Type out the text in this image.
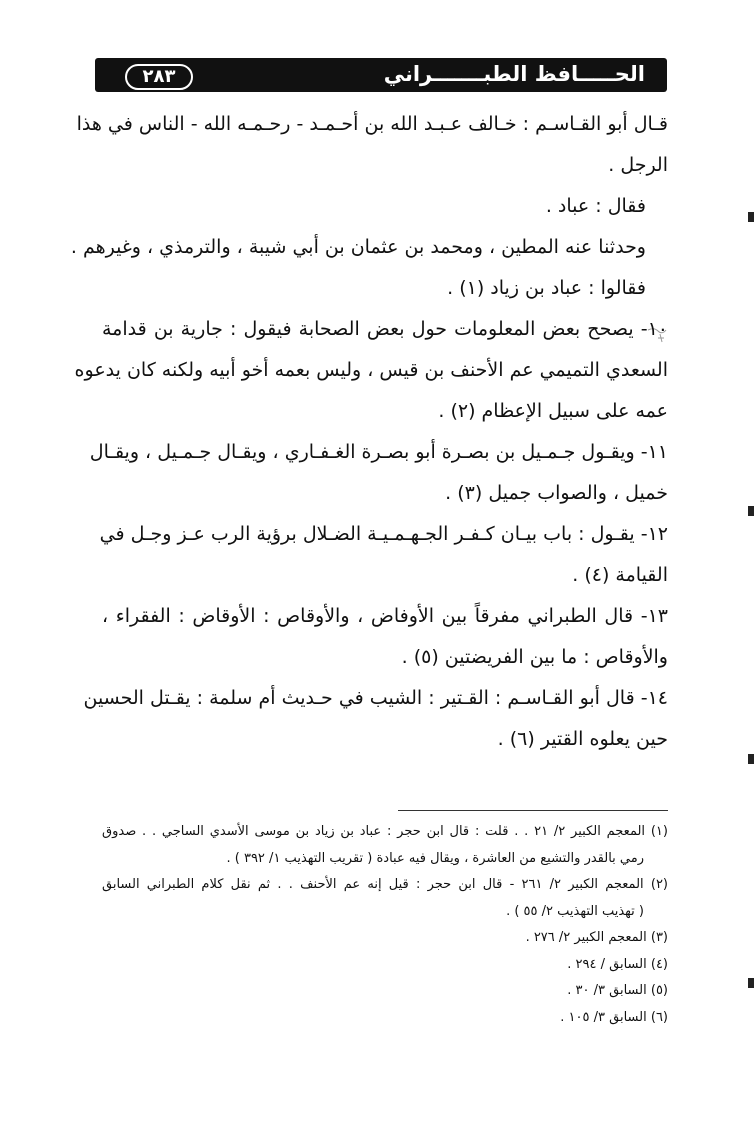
الحـــــافظ الطبـــــــراني
٢٨٣
قـال أبو القـاسـم : خـالف عـبـد الله بن أحـمـد - رحـمـه الله - الناس في هذا
الرجل .
فقال : عباد .
وحدثنا عنه المطين ، ومحمد بن عثمان بن أبي شيبة ، والترمذي ، وغيرهم .
فقالوا : عباد بن زياد (١) .
١٠- يصحح بعض المعلومات حول بعض الصحابة فيقول : جارية بن قدامة
السعدي التميمي عم الأحنف بن قيس ، وليس بعمه أخو أبيه ولكنه كان يدعوه
عمه على سبيل الإعظام (٢) .
١١- ويقـول جـمـيل بن بصـرة أبو بصـرة الغـفـاري ، ويقـال جـمـيل ، ويقـال
خميل ، والصواب جميل (٣) .
١٢- يقـول : باب بيـان كـفـر الجـهـمـيـة الضـلال برؤية الرب عـز وجـل في
القيامة (٤) .
١٣- قال الطبراني مفرقاً بين الأوفاض ، والأوقاص : الأوقاض : الفقراء ،
والأوقاص : ما بين الفريضتين (٥) .
١٤- قال أبو القـاسـم : القـتير : الشيب في حـديث أم سلمة : يقـتل الحسين
حين يعلوه القتير (٦) .
(١) المعجم الكبير ٢/ ٢١ . . قلت : قال ابن حجر : عباد بن زياد بن موسى الأسدي الساجي . . صدوق
رمي بالقدر والتشيع من العاشرة ، ويقال فيه عبادة ( تقريب التهذيب ١/ ٣٩٢ ) .
(٢) المعجم الكبير ٢/ ٢٦١ - قال ابن حجر : قيل إنه عم الأحنف . . ثم نقل كلام الطبراني السابق
( تهذيب التهذيب ٢/ ٥٥ ) .
(٣) المعجم الكبير ٢/ ٢٧٦ .
(٤) السابق / ٢٩٤ .
(٥) السابق ٣/ ٣٠ .
(٦) السابق ٣/ ١٠٥ .
